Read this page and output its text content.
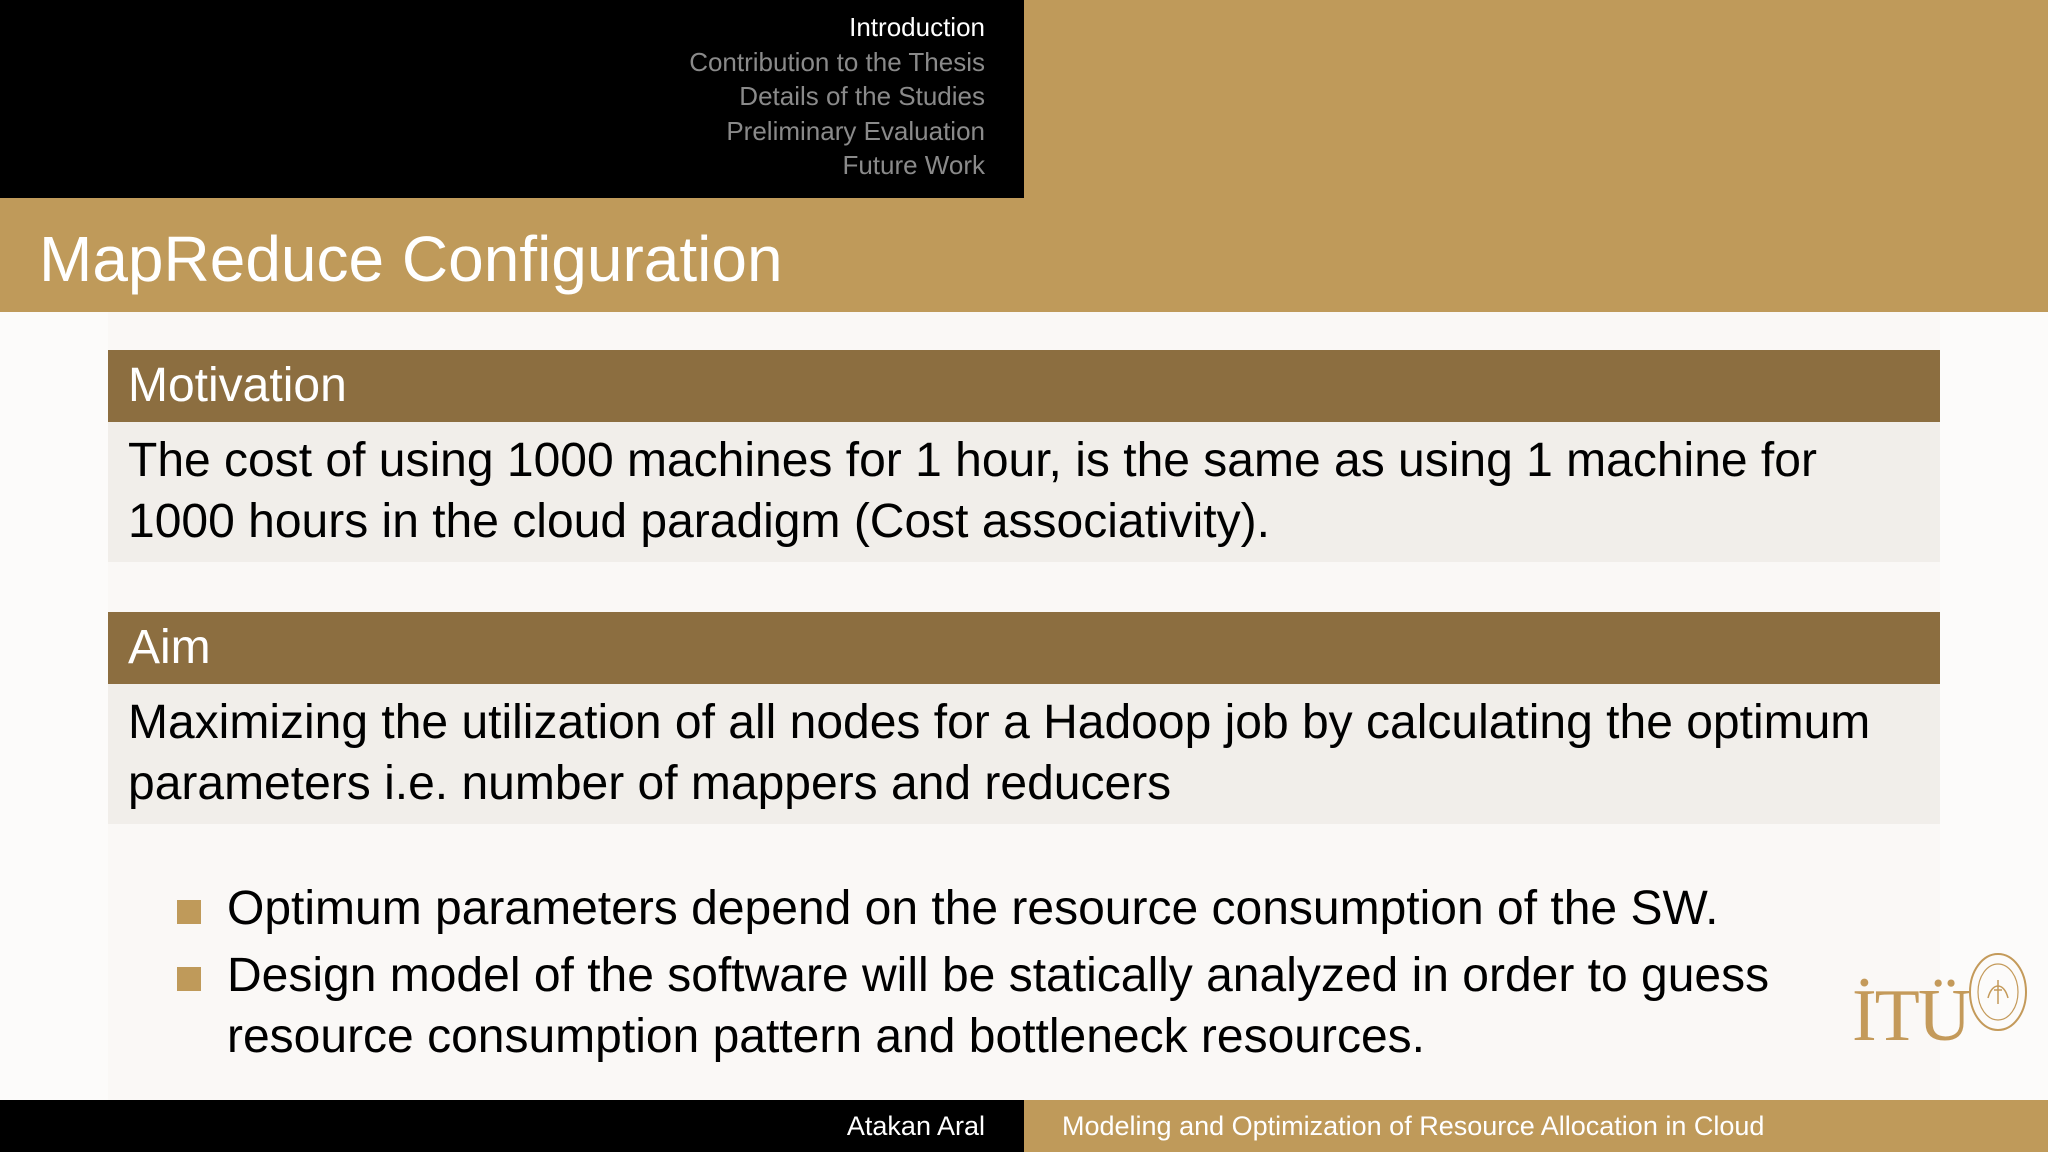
Introduction
Contribution to the Thesis
Details of the Studies
Preliminary Evaluation
Future Work
MapReduce Configuration
Motivation
The cost of using 1000 machines for 1 hour, is the same as using 1 machine for 1000 hours in the cloud paradigm (Cost associativity).
Aim
Maximizing the utilization of all nodes for a Hadoop job by calculating the optimum parameters i.e. number of mappers and reducers
Optimum parameters depend on the resource consumption of the SW.
Design model of the software will be statically analyzed in order to guess resource consumption pattern and bottleneck resources.	İTÜ
Atakan Aral	Modeling and Optimization of Resource Allocation in Cloud
